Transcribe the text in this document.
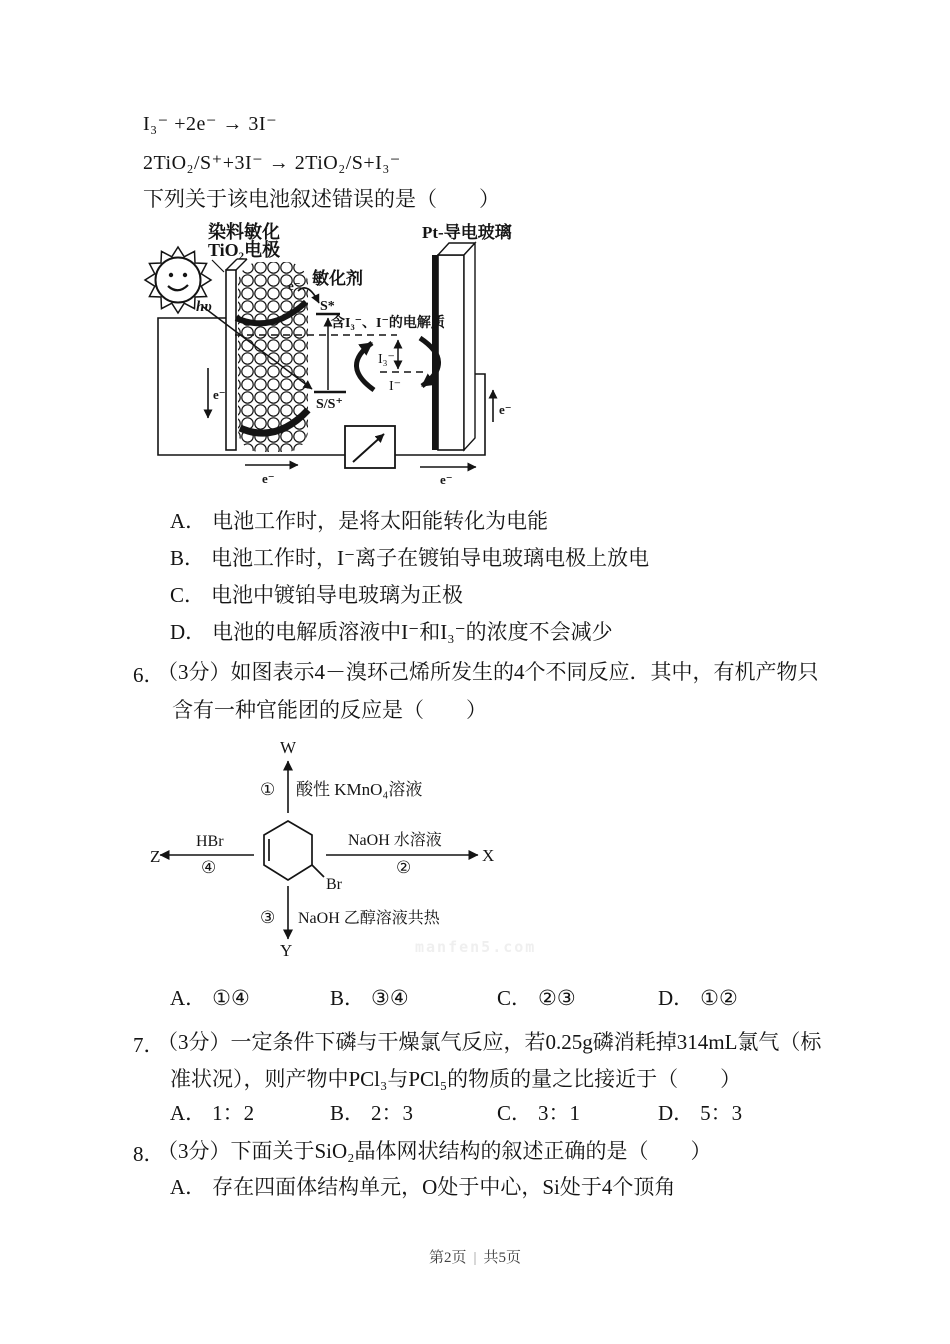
I₃⁻ +2e⁻ → 3I⁻
2TiO₂/S⁺+3I⁻ → 2TiO₂/S+I₃⁻
下列关于该电池叙述错误的是（　　）
染料敏化
TiO₂电极
Pt-导电玻璃
hυ
敏化剂
e⁻
S*
含I₃⁻、I⁻的电解质
I₃⁻
I⁻
S/S⁺
e⁻
e⁻	e⁻
e⁻
A． 电池工作时，是将太阳能转化为电能
B． 电池工作时，I⁻离子在镀铂导电玻璃电极上放电
C． 电池中镀铂导电玻璃为正极
D． 电池的电解质溶液中I⁻和I₃⁻的浓度不会减少
6．
（3分）如图表示4－溴环己烯所发生的4个不同反应．其中，有机产物只
含有一种官能团的反应是（　　）
W
X
Y
Z
① 酸性 KMnO₄溶液
HBr
④
NaOH 水溶液
②
③ NaOH 乙醇溶液共热
Br
manfen5.com
A． ①④	B． ③④	C． ②③	D． ①②
7．
（3分）一定条件下磷与干燥氯气反应，若0.25g磷消耗掉314mL氯气（标
准状况），则产物中PCl₃与PCl₅的物质的量之比接近于（　　）
A． 1：2	B． 2：3	C． 3：1	D． 5：3
8．
（3分）下面关于SiO₂晶体网状结构的叙述正确的是（　　）
A． 存在四面体结构单元，O处于中心，Si处于4个顶角
第2页 | 共5页
